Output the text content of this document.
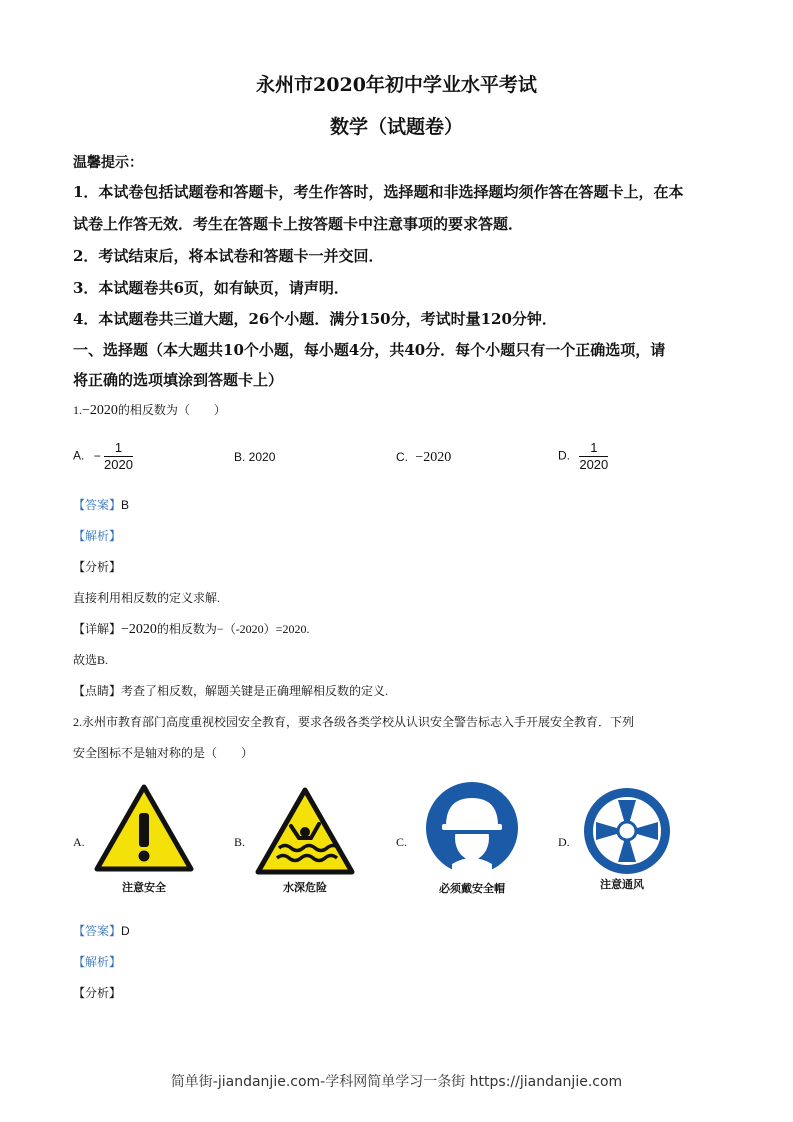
永州市2020年初中学业水平考试
数学（试题卷）
温馨提示：
1．本试卷包括试题卷和答题卡，考生作答时，选择题和非选择题均须作答在答题卡上，在本
试卷上作答无效．考生在答题卡上按答题卡中注意事项的要求答题．
2．考试结束后，将本试卷和答题卡一并交回．
3．本试题卷共6页，如有缺页，请声明．
4．本试题卷共三道大题，26个小题．满分150分，考试时量120分钟．
一、选择题（本大题共10个小题，每小题4分，共40分．每个小题只有一个正确选项，请
将正确的选项填涂到答题卡上）
1.−2020的相反数为（　　）
A. − $\frac{1}{2020}$	B. 2020	C. −2020	D. $\frac{1}{2020}$
【答案】B
【解析】
【分析】
直接利用相反数的定义求解.
【详解】−2020的相反数为−（-2020）=2020.
故选B.
【点睛】考查了相反数，解题关键是正确理解相反数的定义.
2.永州市教育部门高度重视校园安全教育，要求各级各类学校从认识安全警告标志入手开展安全教育．下列
安全图标不是轴对称的是（　　）
A.	B.	C.	D.
注意安全	水深危险	必须戴安全帽	注意通风
【答案】D
【解析】
【分析】
简单街-jiandanjie.com-学科网简单学习一条街 https://jiandanjie.com
